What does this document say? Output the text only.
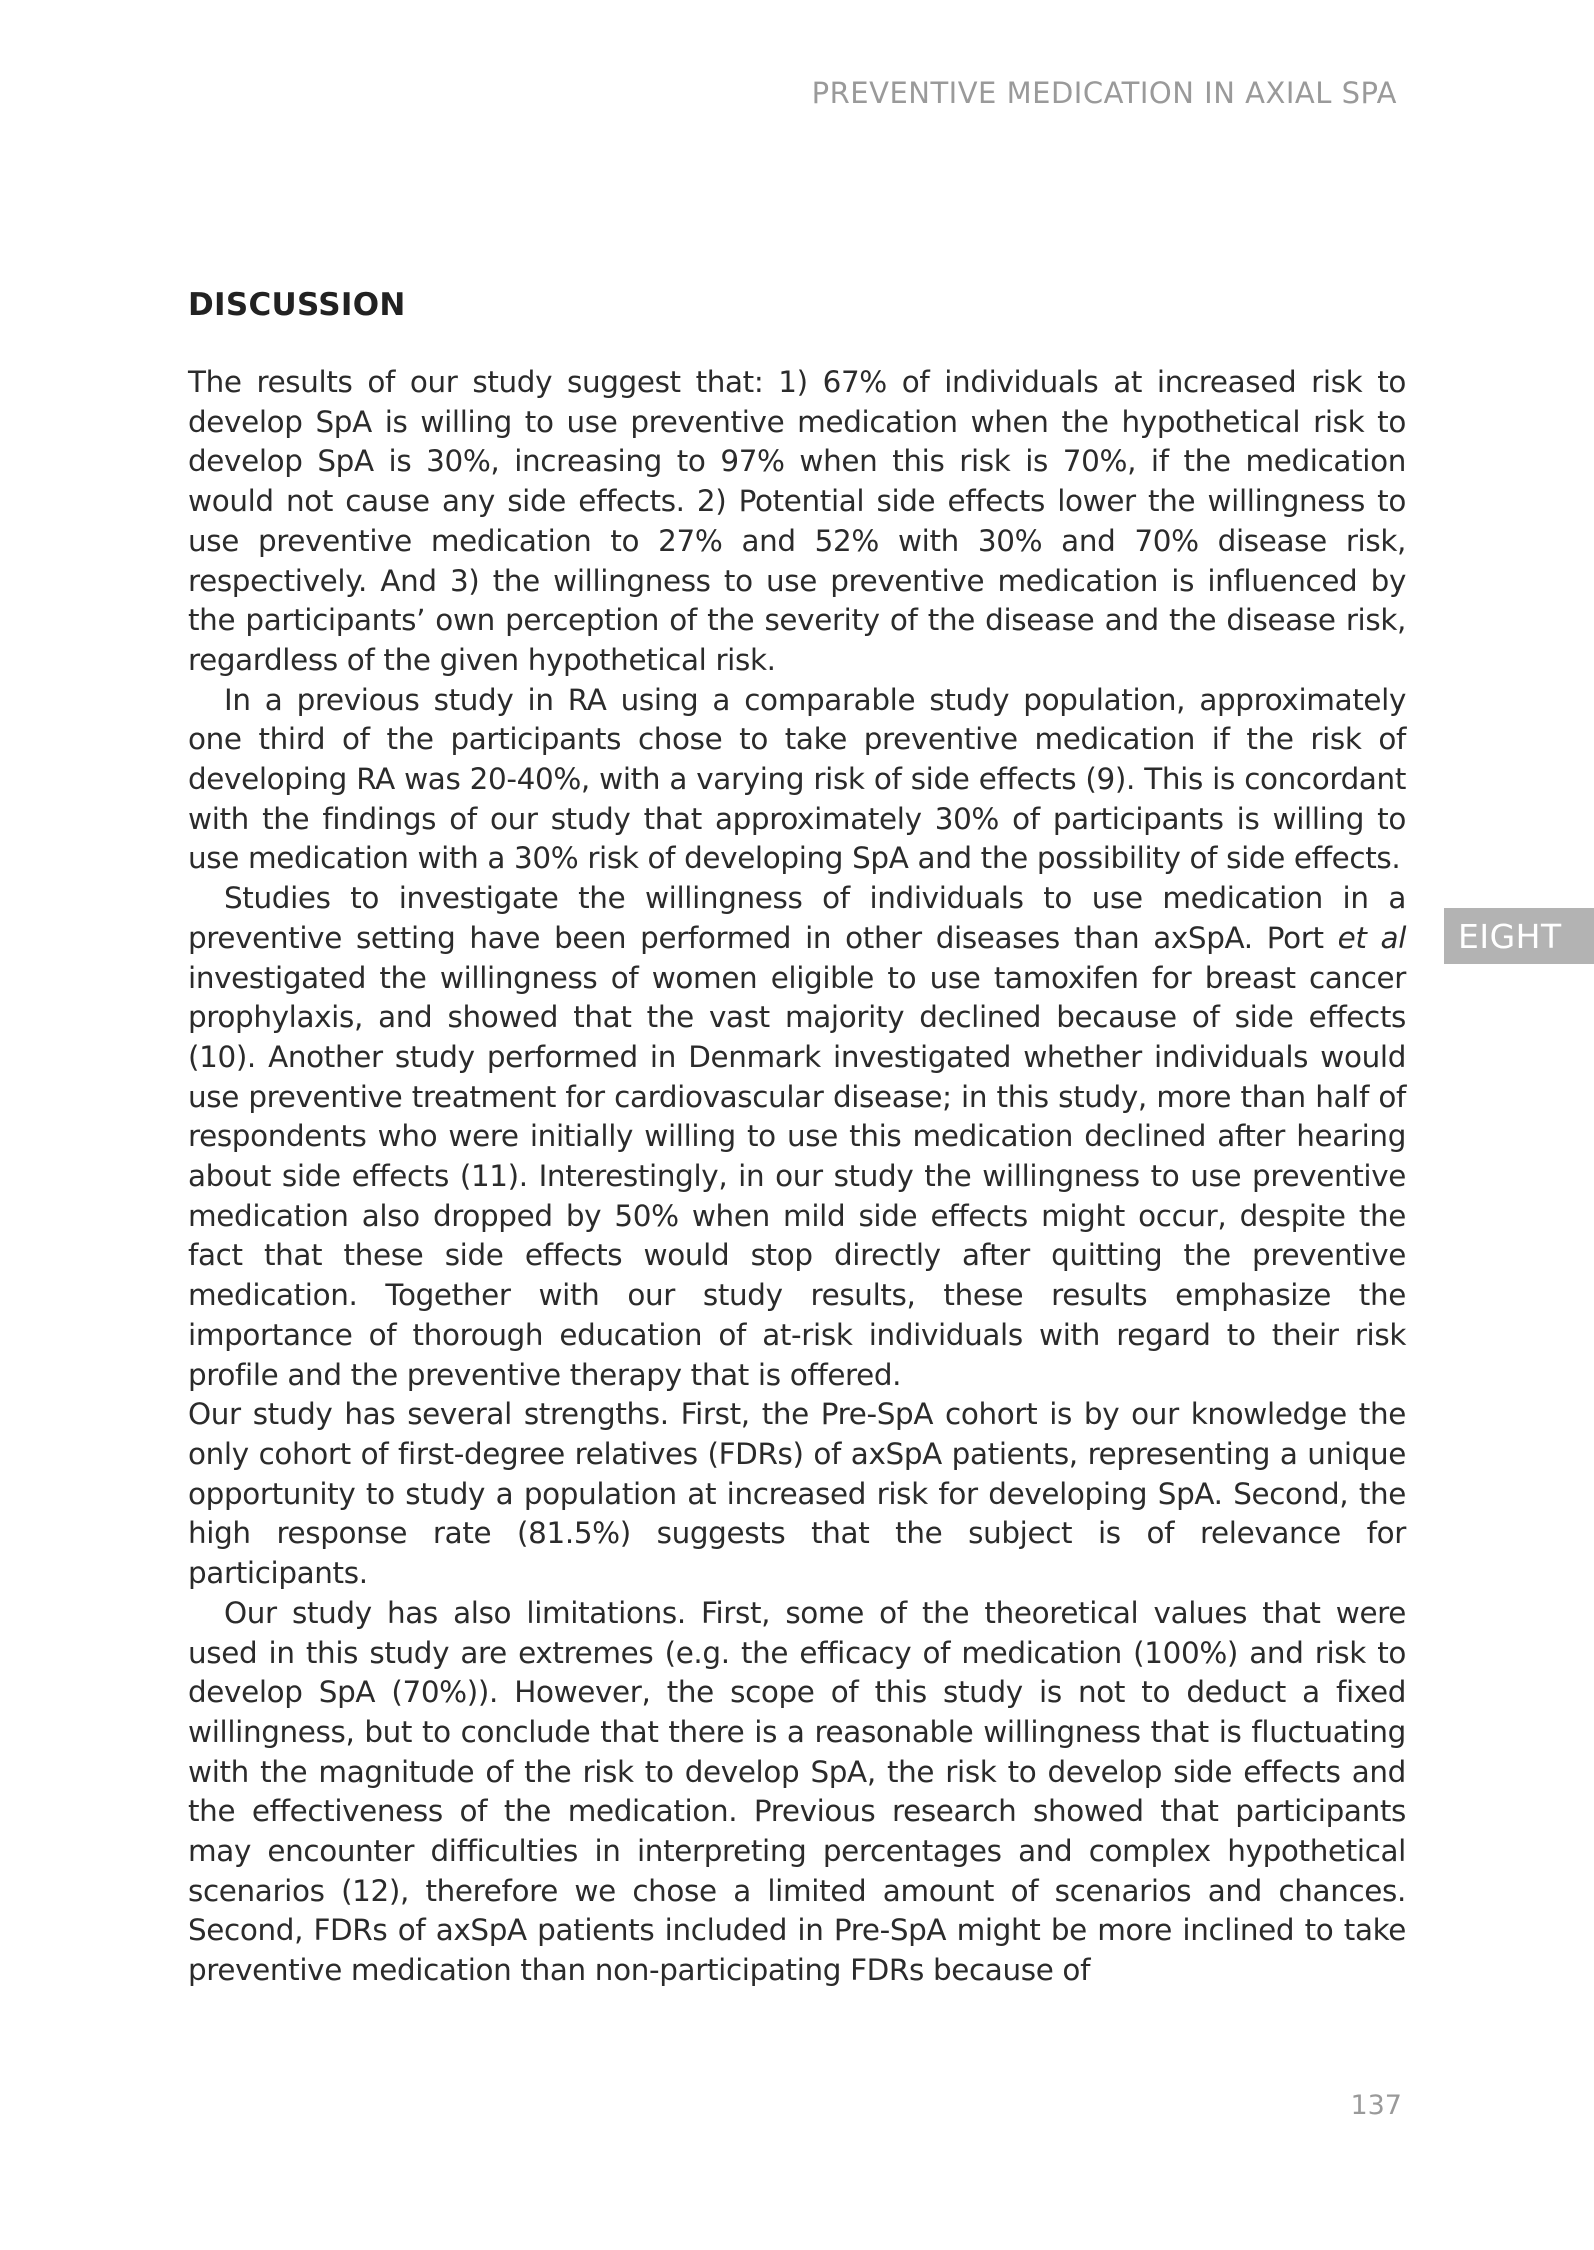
PREVENTIVE MEDICATION IN AXIAL SPA
DISCUSSION

The results of our study suggest that: 1) 67% of individuals at increased risk to develop SpA is willing to use preventive medication when the hypothetical risk to develop SpA is 30%, increasing to 97% when this risk is 70%, if the medication would not cause any side effects. 2) Potential side effects lower the willingness to use preventive medication to 27% and 52% with 30% and 70% disease risk, respectively. And 3) the willingness to use preventive medication is influenced by the participants’ own perception of the severity of the disease and the disease risk, regardless of the given hypothetical risk.

In a previous study in RA using a comparable study population, approximately one third of the participants chose to take preventive medication if the risk of developing RA was 20-40%, with a varying risk of side effects (9). This is concordant with the findings of our study that approximately 30% of participants is willing to use medication with a 30% risk of developing SpA and the possibility of side effects.

Studies to investigate the willingness of individuals to use medication in a preventive setting have been performed in other diseases than axSpA. Port et al investigated the willingness of women eligible to use tamoxifen for breast cancer prophylaxis, and showed that the vast majority declined because of side effects (10). Another study performed in Denmark investigated whether individuals would use preventive treatment for cardiovascular disease; in this study, more than half of respondents who were initially willing to use this medication declined after hearing about side effects (11). Interestingly, in our study the willingness to use preventive medication also dropped by 50% when mild side effects might occur, despite the fact that these side effects would stop directly after quitting the preventive medication. Together with our study results, these results emphasize the importance of thorough education of at-risk individuals with regard to their risk profile and the preventive therapy that is offered.

Our study has several strengths. First, the Pre-SpA cohort is by our knowledge the only cohort of first-degree relatives (FDRs) of axSpA patients, representing a unique opportunity to study a population at increased risk for developing SpA. Second, the high response rate (81.5%) suggests that the subject is of relevance for participants.

Our study has also limitations. First, some of the theoretical values that were used in this study are extremes (e.g. the efficacy of medication (100%) and risk to develop SpA (70%)). However, the scope of this study is not to deduct a fixed willingness, but to conclude that there is a reasonable willingness that is fluctuating with the magnitude of the risk to develop SpA, the risk to develop side effects and the effectiveness of the medication. Previous research showed that participants may encounter difficulties in interpreting percentages and complex hypothetical scenarios (12), therefore we chose a limited amount of scenarios and chances. Second, FDRs of axSpA patients included in Pre-SpA might be more inclined to take preventive medication than non-participating FDRs because of

EIGHT
137
